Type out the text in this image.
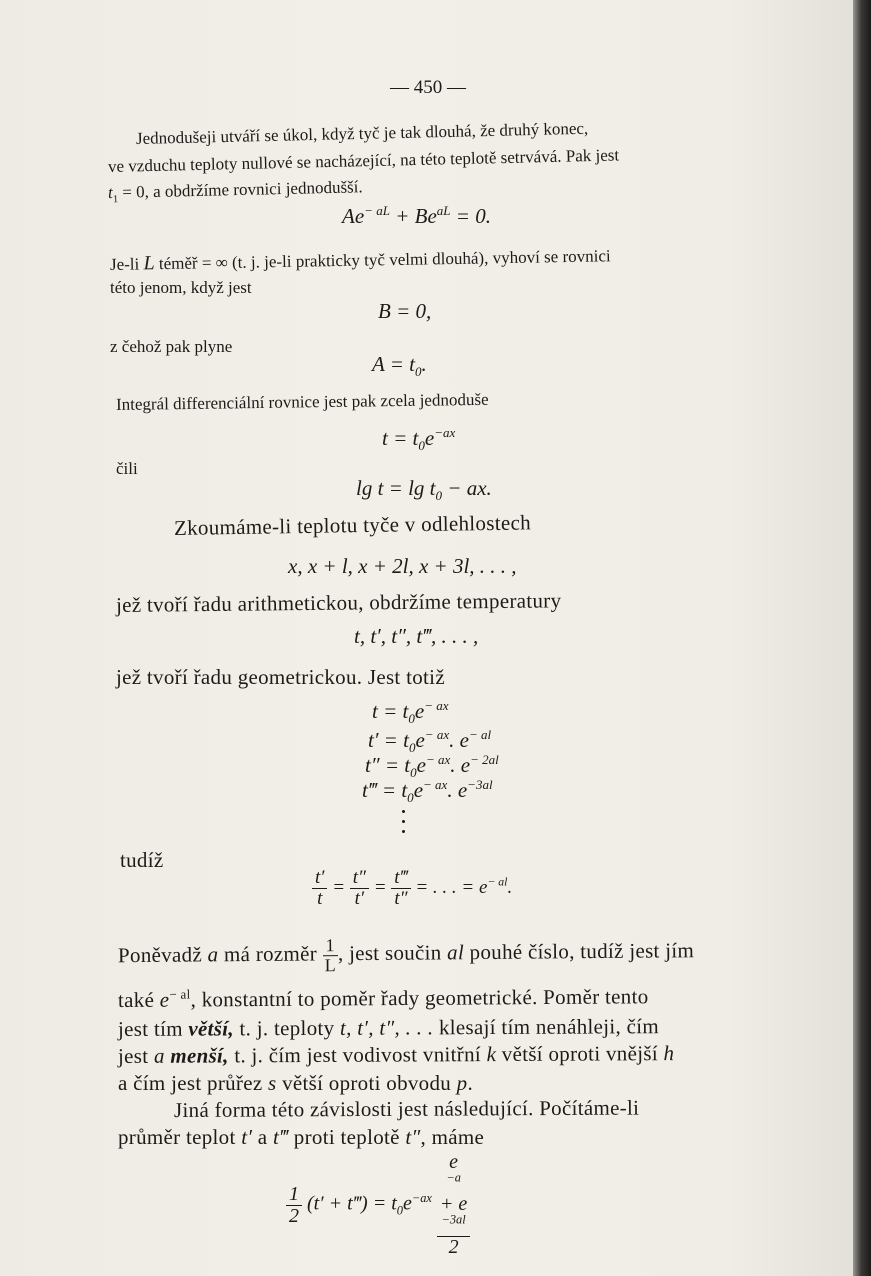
— 450 —
Jednodušeji utváří se úkol, když tyč je tak dlouhá, že druhý konec,
ve vzduchu teploty nullové se nacházející, na této teplotě setrvává. Pak jest
$t_1 = 0$, a obdržíme rovnici jednodušší.
$Ae^{- aL} + Be^{aL} = 0$.
Je-li L téměř = ∞ (t. j. je-li prakticky tyč velmi dlouhá), vyhoví se rovnici
této jenom, když jest
B = 0,
z čehož pak plyne
$A = t_0$.
Integrál differenciální rovnice jest pak zcela jednoduše
$t = t_0e^{-ax}$
čili
$\lg t = \lg t_0$ − ax.
Zkoumáme-li teplotu tyče v odlehlostech
x, x + l, x + 2l, x + 3l, . . . ,
jež tvoří řadu arithmetickou, obdržíme temperatury
t, t′, t″, t‴, . . . ,
jež tvoří řadu geometrickou. Jest totiž
$t = t_0e^{- ax}$
$t' = t_0e^{- ax}$. $e^{- al}$
$t'' = t_0e^{- ax}$. $e^{- 2al}$
t‴ = $t_0e^{- ax}$. $e^{-3al}$
tudíž
$\frac{t'}{t} = \frac{t''}{t'} = \frac{t‴}{t''}$ = . . . = $e^{- al}$.
Poněvadž a má rozměr $\frac{1}{L}$ , jest součin al pouhé číslo, tudíž jest jím
také $e^{- al}$, konstantní to poměr řady geometrické. Poměr tento
jest tím větší, t. j. teploty t, t′, t″, . . . klesají tím nenáhleji, čím
jest a menší, t. j. čím jest vodivost vnitřní k větší oproti vnější h
a čím jest průřez s větší oproti obvodu p.
Jiná forma této závislosti jest následující. Počítáme-li
průměr teplot t′ a t‴ proti teplotě t″, máme
$\frac{1}{2} (t'$ + t‴) = $t_0e^{-ax}$ e
$^{-a}$
+ e
$^{-3al}$
2
